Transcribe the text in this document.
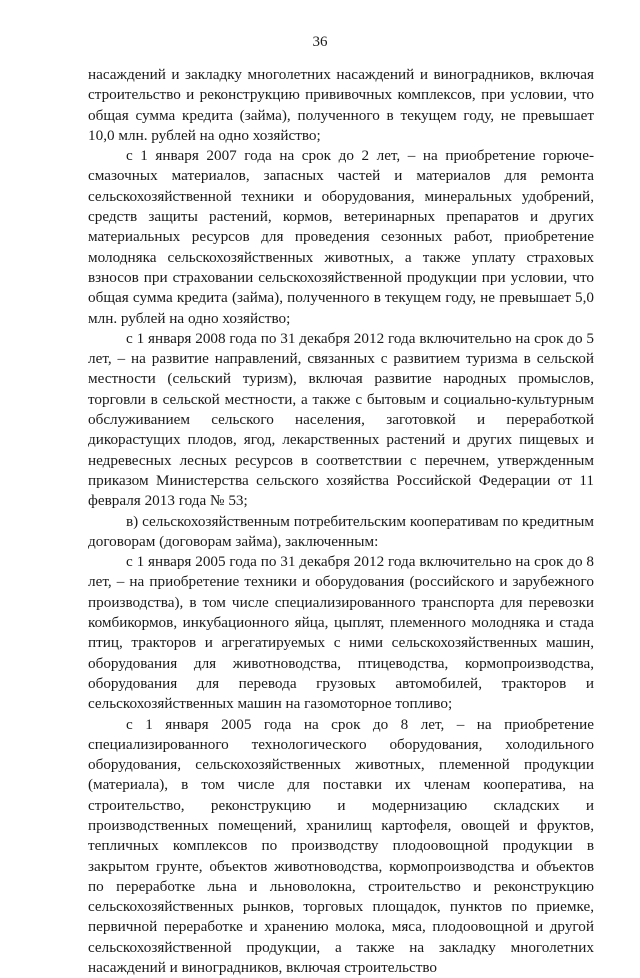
36

насаждений и закладку многолетних насаждений и виноградников, включая строительство и реконструкцию прививочных комплексов, при условии, что общая сумма кредита (займа), полученного в текущем году, не превышает 10,0 млн. рублей на одно хозяйство;

с 1 января 2007 года на срок до 2 лет, – на приобретение горюче-смазочных материалов, запасных частей и материалов для ремонта сельскохозяйственной техники и оборудования, минеральных удобрений, средств защиты растений, кормов, ветеринарных препаратов и других материальных ресурсов для проведения сезонных работ, приобретение молодняка сельскохозяйственных животных, а также уплату страховых взносов при страховании сельскохозяйственной продукции при условии, что общая сумма кредита (займа), полученного в текущем году, не превышает 5,0 млн. рублей на одно хозяйство;

с 1 января 2008 года по 31 декабря 2012 года включительно на срок до 5 лет, – на развитие направлений, связанных с развитием туризма в сельской местности (сельский туризм), включая развитие народных промыслов, торговли в сельской местности, а также с бытовым и социально-культурным обслуживанием сельского населения, заготовкой и переработкой дикорастущих плодов, ягод, лекарственных растений и других пищевых и недревесных лесных ресурсов в соответствии с перечнем, утвержденным приказом Министерства сельского хозяйства Российской Федерации от 11 февраля 2013 года № 53;

в) сельскохозяйственным потребительским кооперативам по кредитным договорам (договорам займа), заключенным:

с 1 января 2005 года по 31 декабря 2012 года включительно на срок до 8 лет, – на приобретение техники и оборудования (российского и зарубежного производства), в том числе специализированного транспорта для перевозки комбикормов, инкубационного яйца, цыплят, племенного молодняка и стада птиц, тракторов и агрегатируемых с ними сельскохозяйственных машин, оборудования для животноводства, птицеводства, кормопроизводства, оборудования для перевода грузовых автомобилей, тракторов и сельскохозяйственных машин на газомоторное топливо;

с 1 января 2005 года на срок до 8 лет, – на приобретение специализированного технологического оборудования, холодильного оборудования, сельскохозяйственных животных, племенной продукции (материала), в том числе для поставки их членам кооператива, на строительство, реконструкцию и модернизацию складских и производственных помещений, хранилищ картофеля, овощей и фруктов, тепличных комплексов по производству плодоовощной продукции в закрытом грунте, объектов животноводства, кормопроизводства и объектов по переработке льна и льноволокна, строительство и реконструкцию сельскохозяйственных рынков, торговых площадок, пунктов по приемке, первичной переработке и хранению молока, мяса, плодоовощной и другой сельскохозяйственной продукции, а также на закладку многолетних насаждений и виноградников, включая строительство
